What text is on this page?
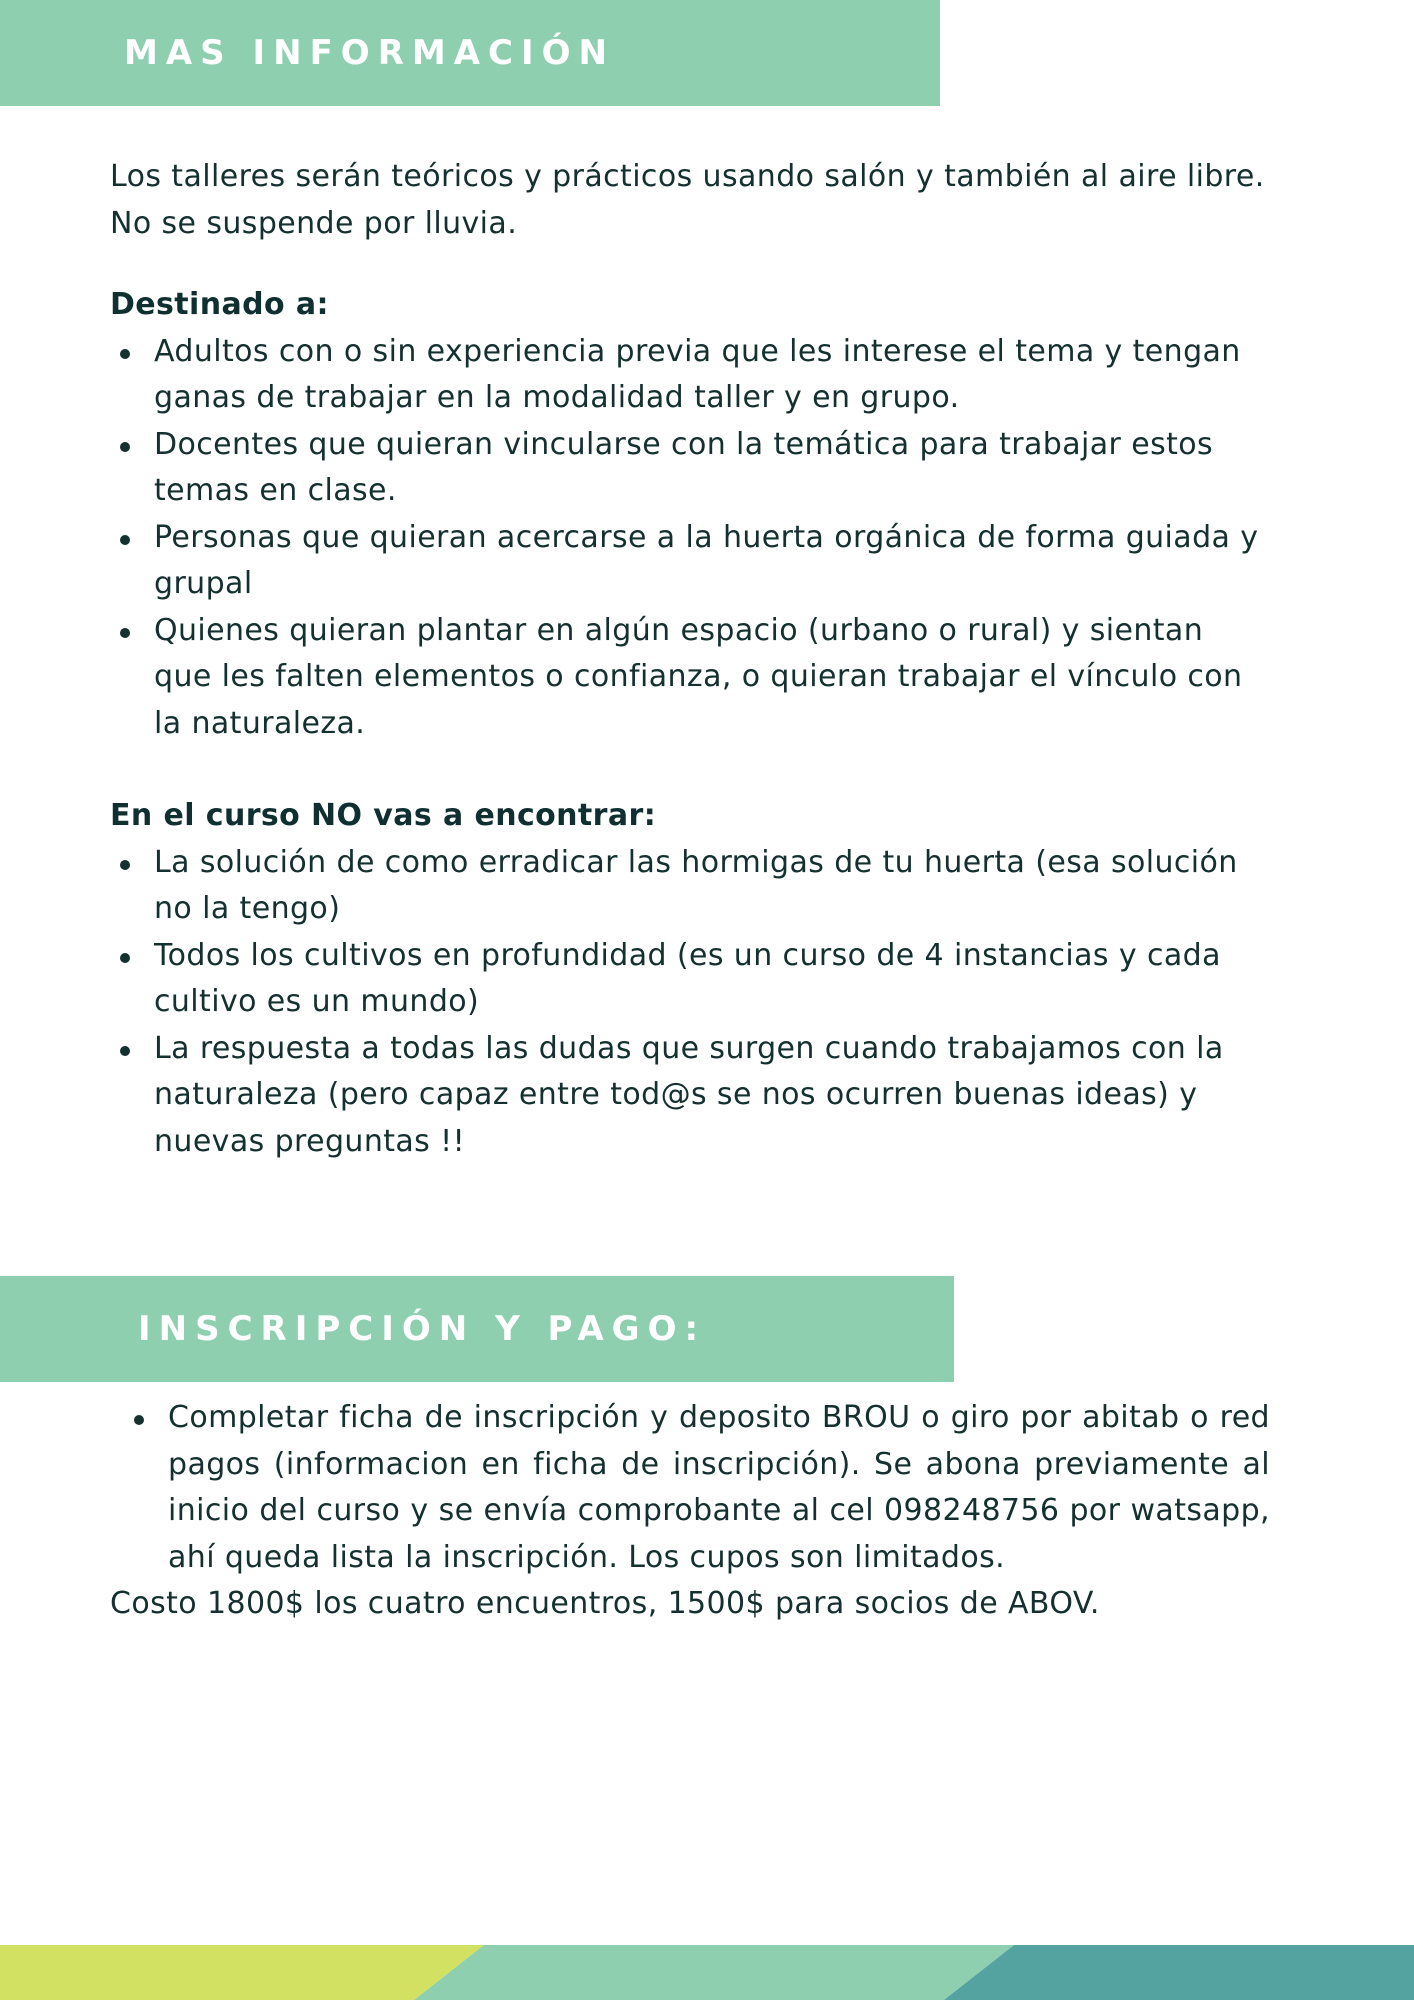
MAS INFORMACIÓN

Los talleres serán teóricos y prácticos usando salón y también al aire libre.

No se suspende por lluvia.

Destinado a:

Adultos con o sin experiencia previa que les interese el tema y tengan ganas de trabajar en la modalidad taller y en grupo.
Docentes que quieran vincularse con la temática para trabajar estos temas en clase.
Personas que quieran acercarse a la huerta orgánica de forma guiada y grupal
Quienes quieran plantar en algún espacio (urbano o rural) y sientan que les falten elementos o confianza, o quieran trabajar el vínculo con la naturaleza.

En el curso NO vas a encontrar:

La solución de como erradicar las hormigas de tu huerta (esa solución no la tengo)
Todos los cultivos en profundidad (es un curso de 4 instancias y cada cultivo es un mundo)
La respuesta a todas las dudas que surgen cuando trabajamos con la naturaleza (pero capaz entre tod@s se nos ocurren buenas ideas) y nuevas preguntas !!
INSCRIPCIÓN Y PAGO:
Completar ficha de inscripción y deposito BROU o giro por abitab o red pagos (informacion en ficha de inscripción). Se abona previamente al inicio del curso y se envía comprobante al cel 098248756 por watsapp, ahí queda lista la inscripción. Los cupos son limitados.

Costo 1800$ los cuatro encuentros, 1500$ para socios de ABOV.
